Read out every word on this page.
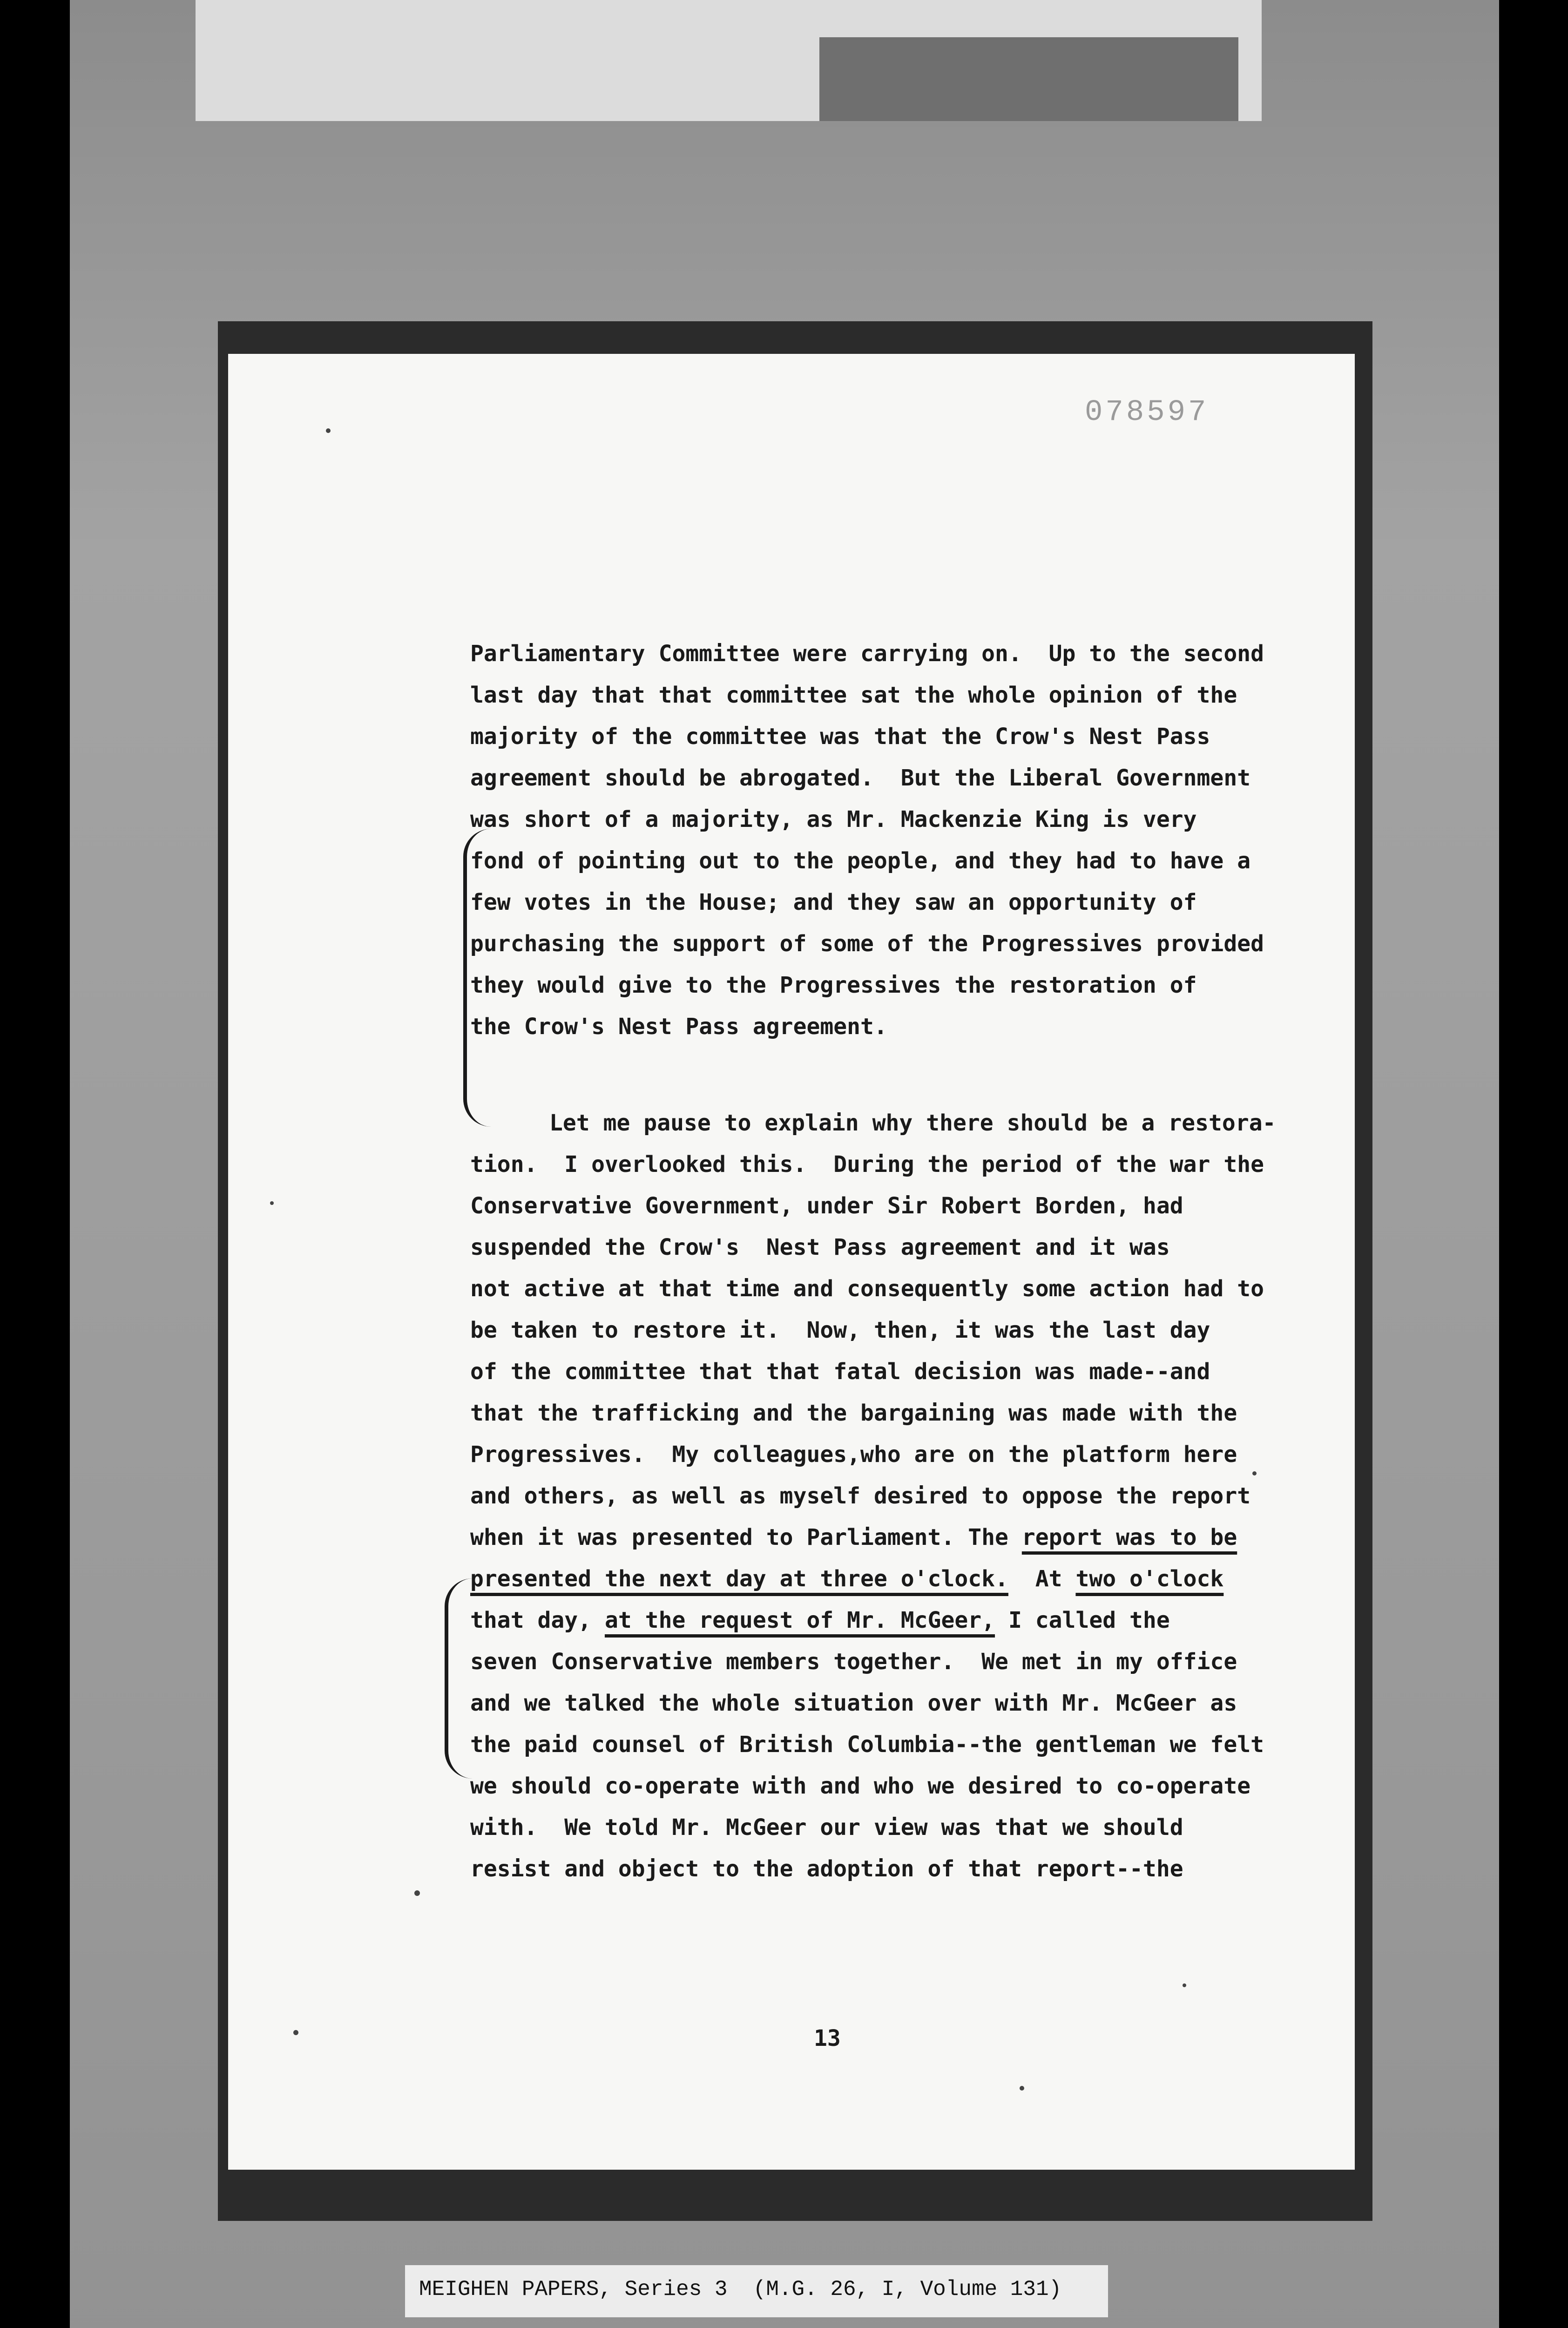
078597
Parliamentary Committee were carrying on.  Up to the second
last day that that committee sat the whole opinion of the
majority of the committee was that the Crow's Nest Pass
agreement should be abrogated.  But the Liberal Government
was short of a majority, as Mr. Mackenzie King is very
fond of pointing out to the people, and they had to have a
few votes in the House; and they saw an opportunity of
purchasing the support of some of the Progressives provided
they would give to the Progressives the restoration of
the Crow's Nest Pass agreement.
Let me pause to explain why there should be a restora-
tion.  I overlooked this.  During the period of the war the
Conservative Government, under Sir Robert Borden, had
suspended the Crow's  Nest Pass agreement and it was
not active at that time and consequently some action had to
be taken to restore it.  Now, then, it was the last day
of the committee that that fatal decision was made--and
that the trafficking and the bargaining was made with the
Progressives.  My colleagues,who are on the platform here
and others, as well as myself desired to oppose the report
when it was presented to Parliament. The report was to be
presented the next day at three o'clock.  At two o'clock
that day, at the request of Mr. McGeer, I called the
seven Conservative members together.  We met in my office
and we talked the whole situation over with Mr. McGeer as
the paid counsel of British Columbia--the gentleman we felt
we should co-operate with and who we desired to co-operate
with.  We told Mr. McGeer our view was that we should
resist and object to the adoption of that report--the
13
MEIGHEN PAPERS, Series 3  (M.G. 26, I, Volume 131)
